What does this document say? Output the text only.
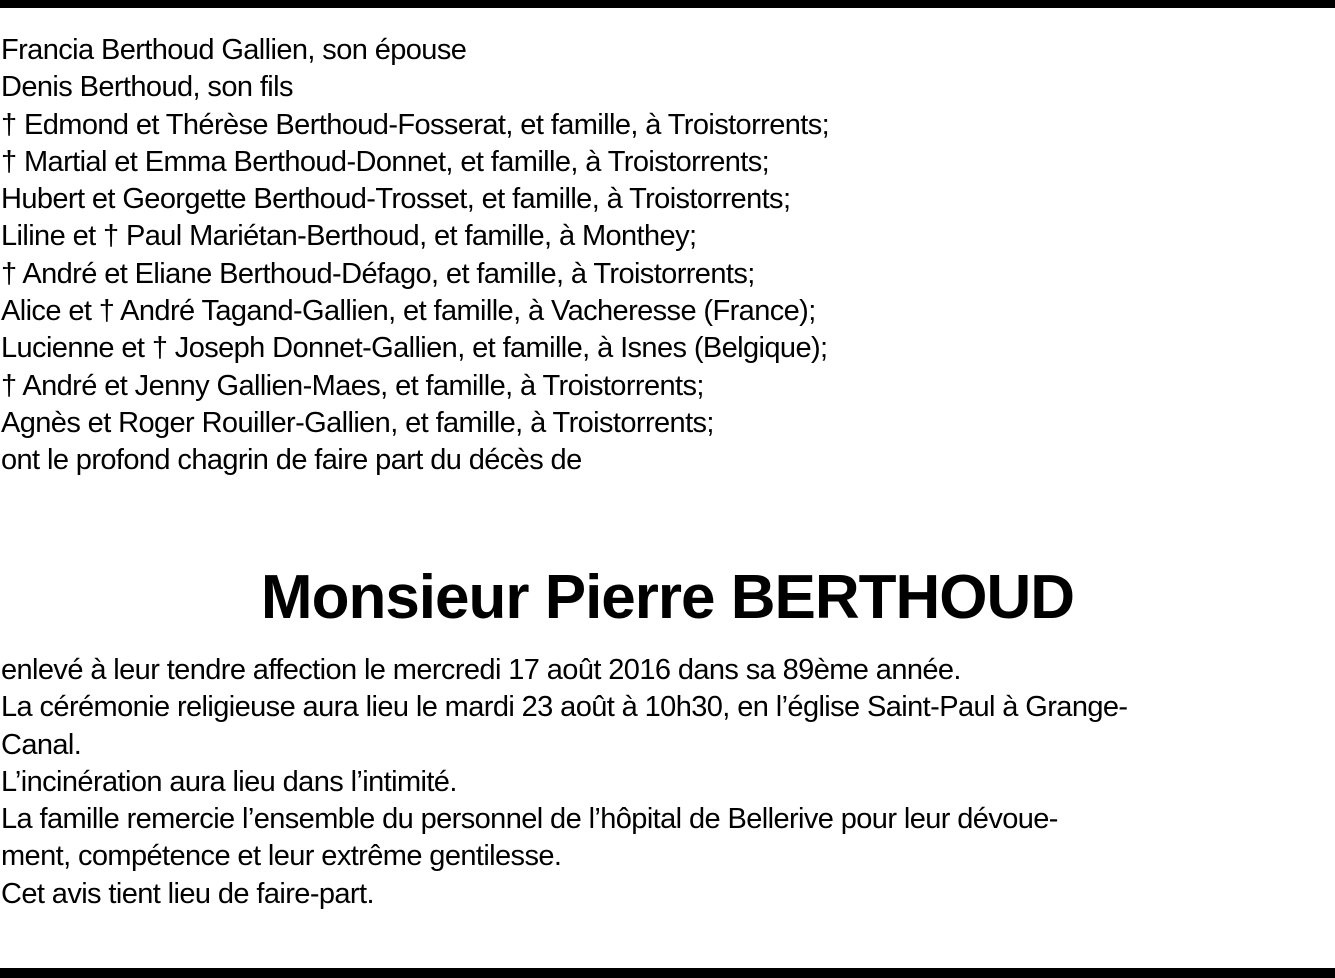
Francia Berthoud Gallien, son épouse
Denis Berthoud, son fils
† Edmond et Thérèse Berthoud-Fosserat, et famille, à Troistorrents;
† Martial et Emma Berthoud-Donnet, et famille, à Troistorrents;
Hubert et Georgette Berthoud-Trosset, et famille, à Troistorrents;
Liline et † Paul Mariétan-Berthoud, et famille, à Monthey;
† André et Eliane Berthoud-Défago, et famille, à Troistorrents;
Alice et † André Tagand-Gallien, et famille, à Vacheresse (France);
Lucienne et † Joseph Donnet-Gallien, et famille, à Isnes (Belgique);
† André et Jenny Gallien-Maes, et famille, à Troistorrents;
Agnès et Roger Rouiller-Gallien, et famille, à Troistorrents;
ont le profond chagrin de faire part du décès de
Monsieur Pierre BERTHOUD
enlevé à leur tendre affection le mercredi 17 août 2016 dans sa 89ème année.
La cérémonie religieuse aura lieu le mardi 23 août à 10h30, en l’église Saint-Paul à Grange-
Canal.
L’incinération aura lieu dans l’intimité.
La famille remercie l’ensemble du personnel de l’hôpital de Bellerive pour leur dévoue-
ment, compétence et leur extrême gentilesse.
Cet avis tient lieu de faire-part.
